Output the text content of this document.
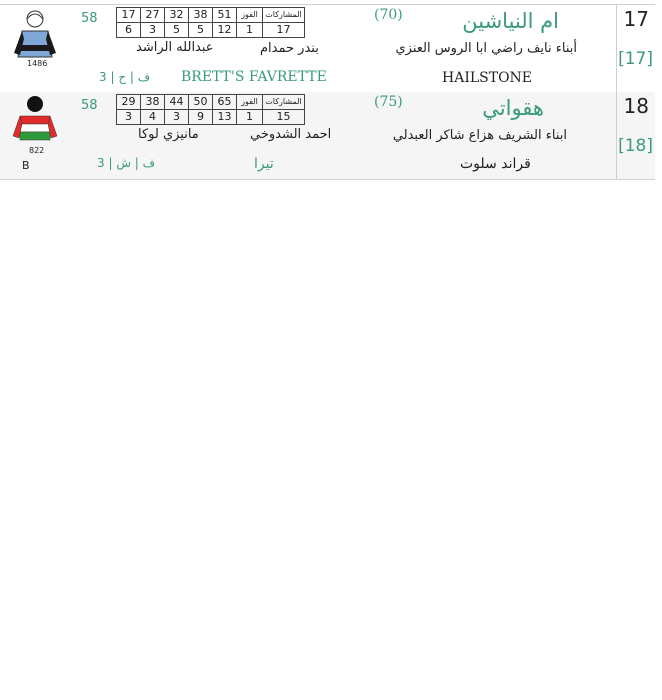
17
[17]
ام النياشين
(70)
أبناء نايف راضي ابا الروس العنزي
HAILSTONE
BRETT'S FAVRETTE
ف | ح | 3
58
بندر حمدام
عبدالله الراشد
17	27	32	38	51	الفوز	المشاركات
6	3	5	5	12	1	17
1486
18
[18]
هقواتي
(75)
ابناء الشريف هزاع شاكر العبدلي
قراند سلوت
تيرا
ف | ش | 3
58
احمد الشدوخي
مانيزي لوكا
29	38	44	50	65	الفوز	المشاركات
3	4	3	9	13	1	15
822
B
